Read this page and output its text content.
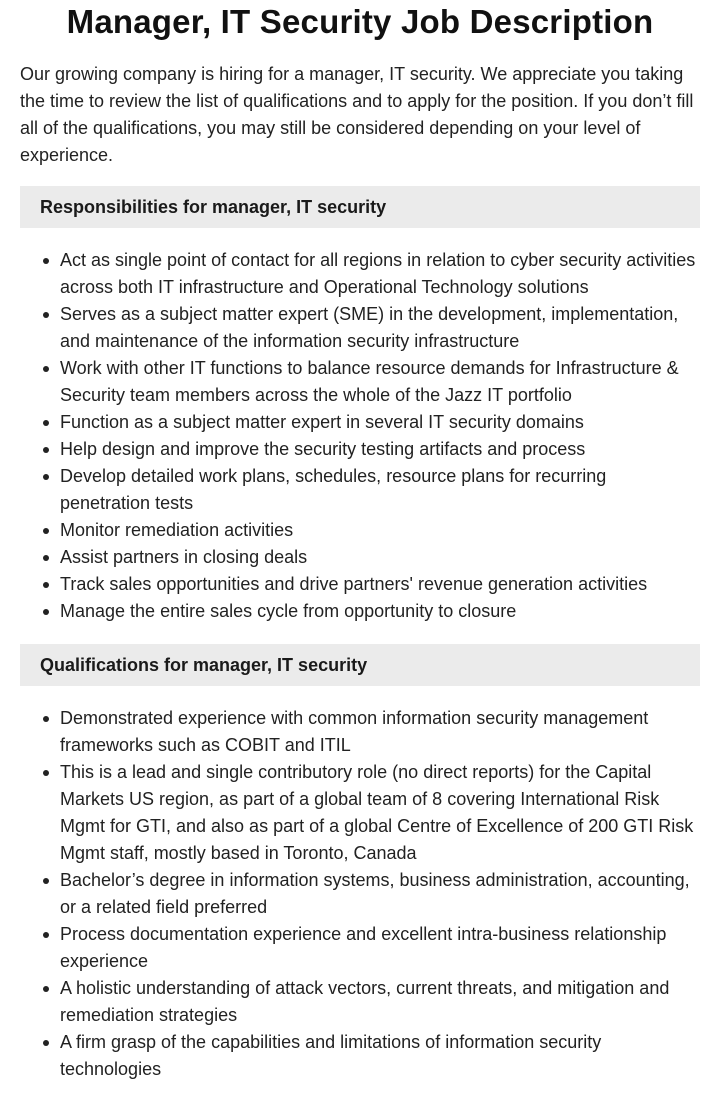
Manager, IT Security Job Description

Our growing company is hiring for a manager, IT security. We appreciate you taking the time to review the list of qualifications and to apply for the position. If you don’t fill all of the qualifications, you may still be considered depending on your level of experience.

Responsibilities for manager, IT security
Act as single point of contact for all regions in relation to cyber security activities across both IT infrastructure and Operational Technology solutions
Serves as a subject matter expert (SME) in the development, implementation, and maintenance of the information security infrastructure
Work with other IT functions to balance resource demands for Infrastructure & Security team members across the whole of the Jazz IT portfolio
Function as a subject matter expert in several IT security domains
Help design and improve the security testing artifacts and process
Develop detailed work plans, schedules, resource plans for recurring penetration tests
Monitor remediation activities
Assist partners in closing deals
Track sales opportunities and drive partners' revenue generation activities
Manage the entire sales cycle from opportunity to closure
Qualifications for manager, IT security
Demonstrated experience with common information security management frameworks such as COBIT and ITIL
This is a lead and single contributory role (no direct reports) for the Capital Markets US region, as part of a global team of 8 covering International Risk Mgmt for GTI, and also as part of a global Centre of Excellence of 200 GTI Risk Mgmt staff, mostly based in Toronto, Canada
Bachelor’s degree in information systems, business administration, accounting, or a related field preferred
Process documentation experience and excellent intra-business relationship experience
A holistic understanding of attack vectors, current threats, and mitigation and remediation strategies
A firm grasp of the capabilities and limitations of information security technologies
